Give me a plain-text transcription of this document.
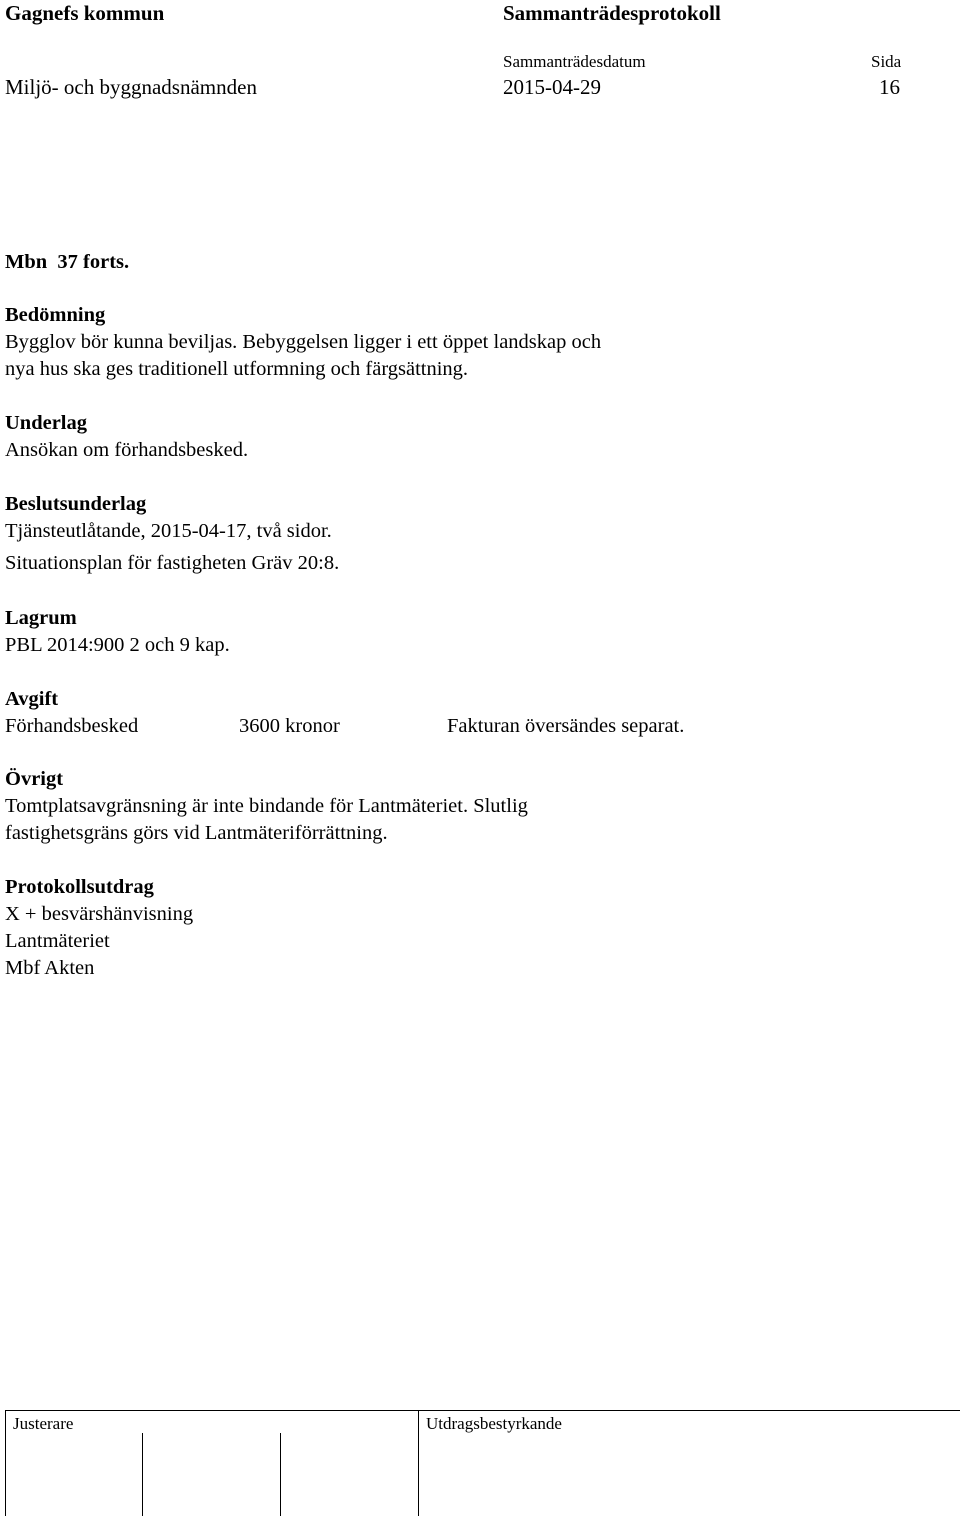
Gagnefs kommun	Sammanträdesprotokoll
Sammanträdesdatum	Sida
Miljö- och byggnadsnämnden	2015-04-29	16
Mbn  37 forts.
Bedömning
Bygglov bör kunna beviljas. Bebyggelsen ligger i ett öppet landskap och
nya hus ska ges traditionell utformning och färgsättning.
Underlag
Ansökan om förhandsbesked.
Beslutsunderlag
Tjänsteutlåtande, 2015-04-17, två sidor.
Situationsplan för fastigheten Gräv 20:8.
Lagrum
PBL 2014:900 2 och 9 kap.
Avgift
Förhandsbesked	3600 kronor	Fakturan översändes separat.
Övrigt
Tomtplatsavgränsning är inte bindande för Lantmäteriet. Slutlig
fastighetsgräns görs vid Lantmäteriförrättning.
Protokollsutdrag
X + besvärshänvisning
Lantmäteriet
Mbf Akten
Justerare	Utdragsbestyrkande
